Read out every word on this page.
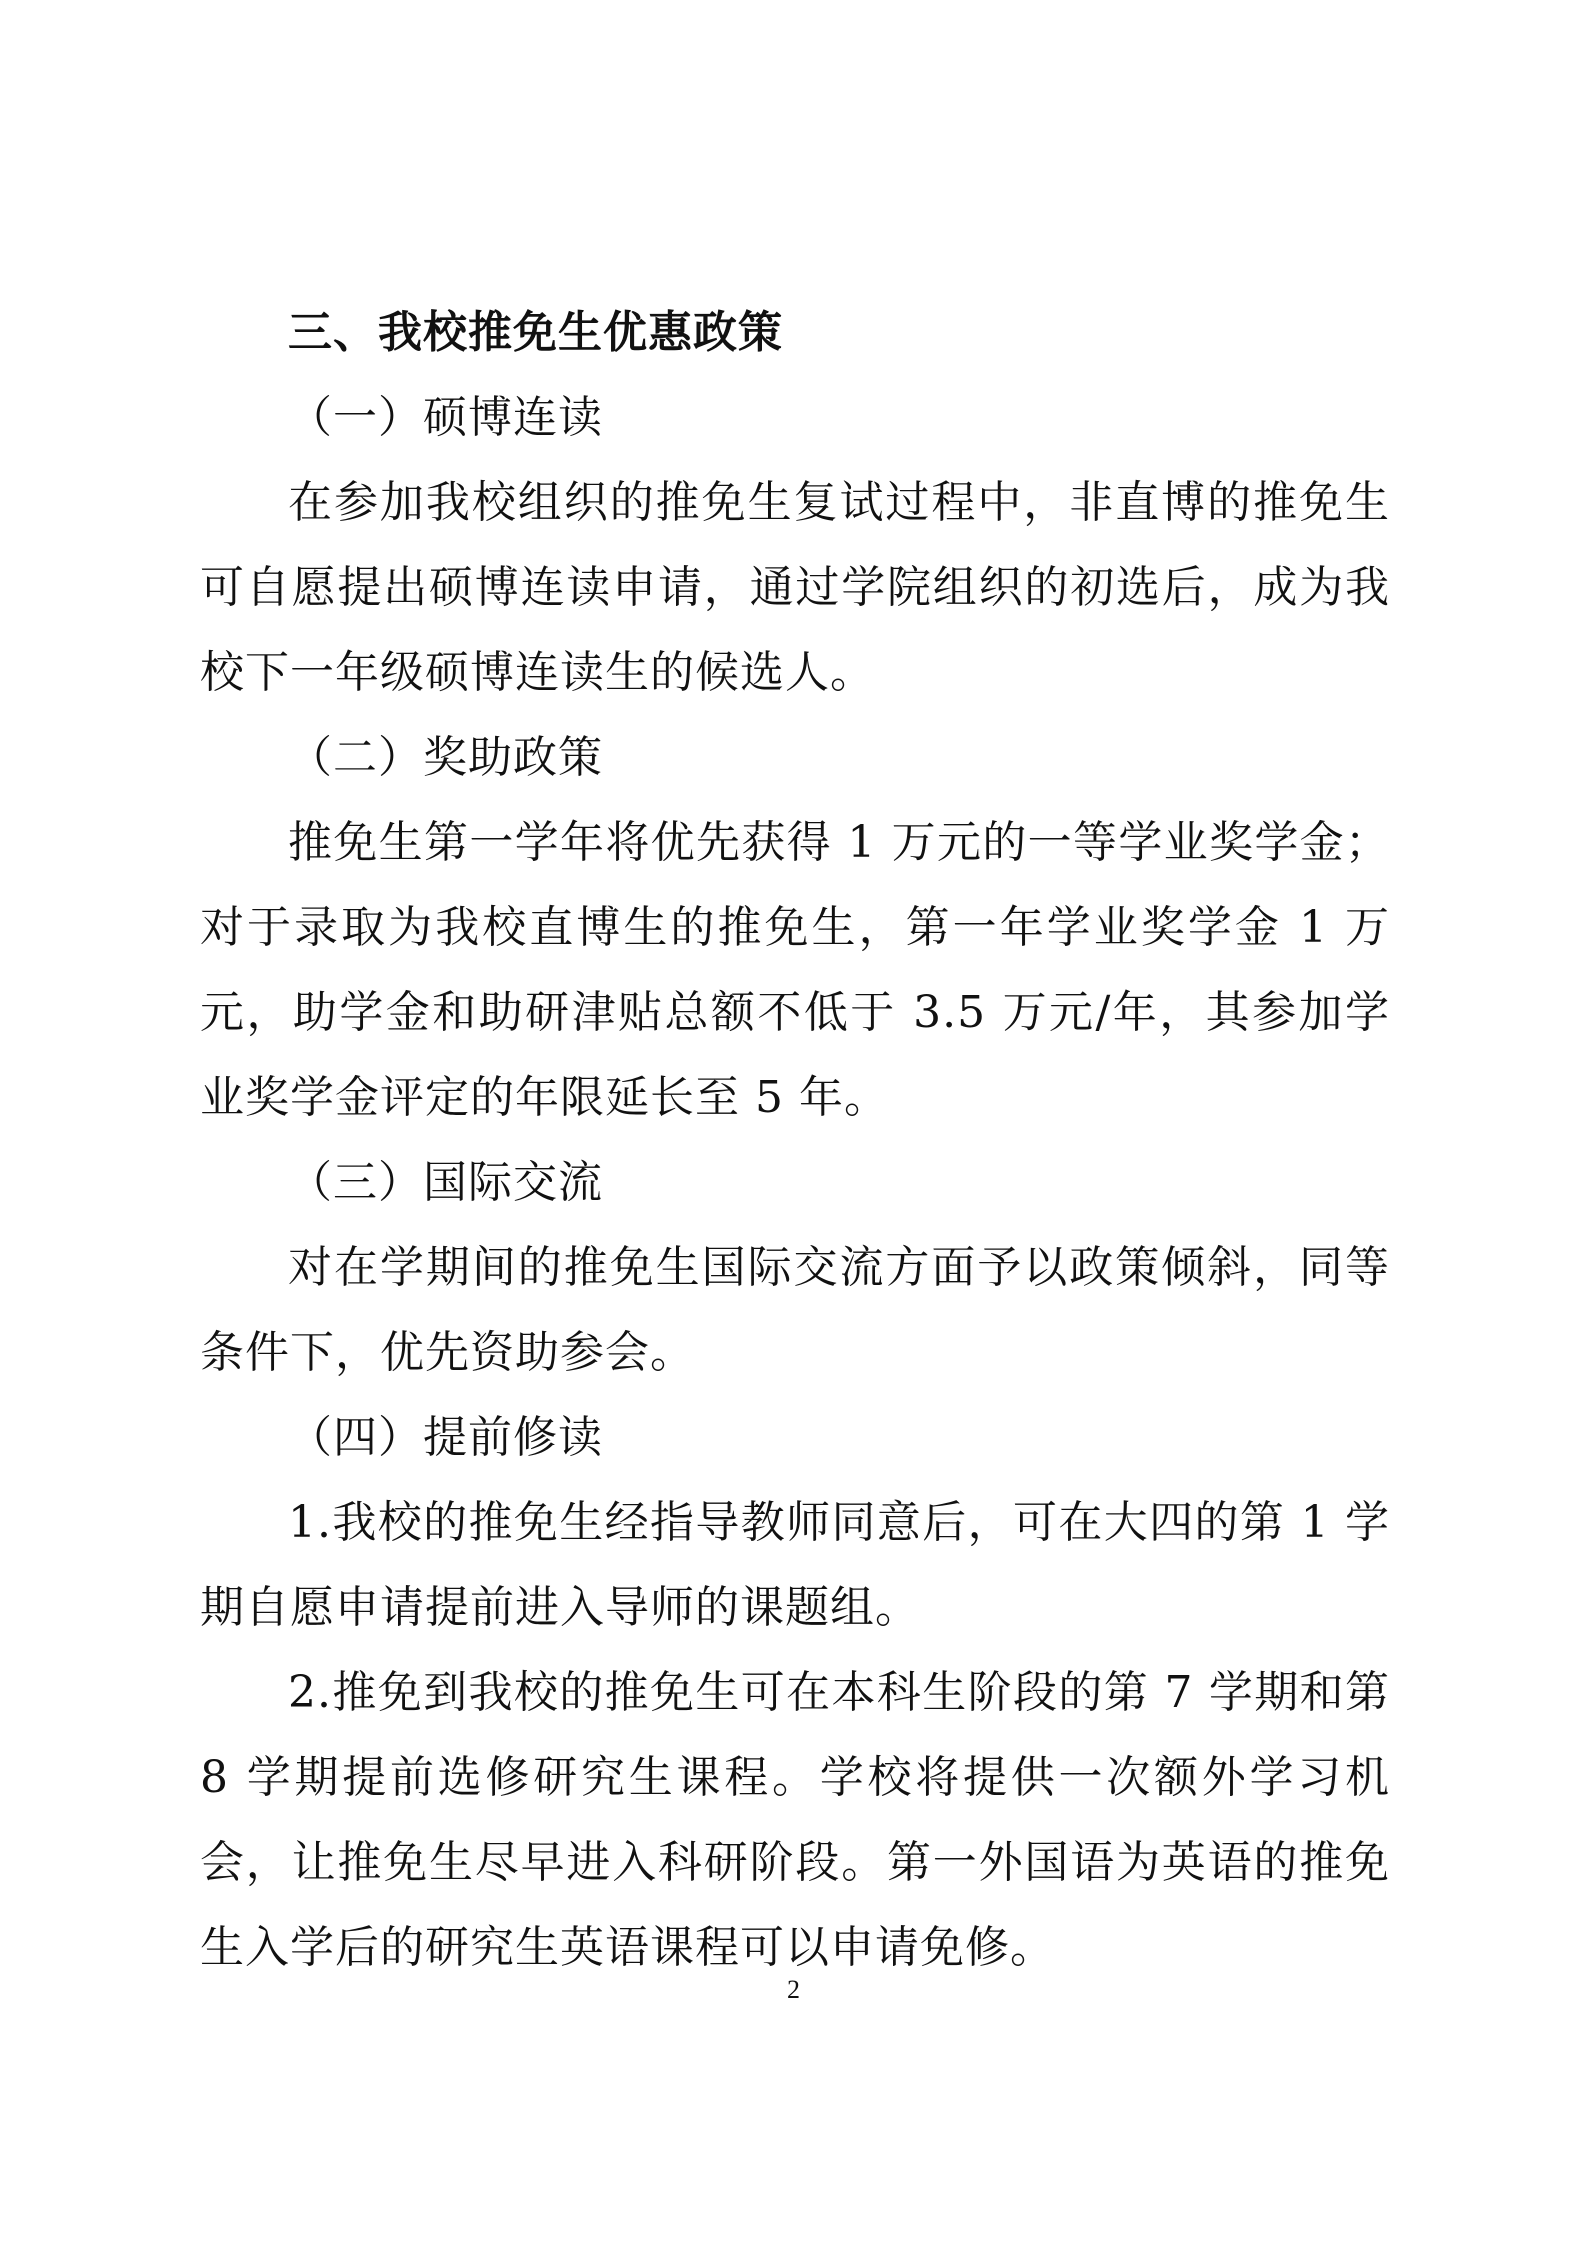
三、我校推免生优惠政策

（一）硕博连读

在参加我校组织的推免生复试过程中，非直博的推免生可自愿提出硕博连读申请，通过学院组织的初选后，成为我校下一年级硕博连读生的候选人。

（二）奖助政策

推免生第一学年将优先获得 1 万元的一等学业奖学金；对于录取为我校直博生的推免生，第一年学业奖学金 1 万元，助学金和助研津贴总额不低于 3.5 万元/年，其参加学业奖学金评定的年限延长至 5 年。

（三）国际交流

对在学期间的推免生国际交流方面予以政策倾斜，同等条件下，优先资助参会。

（四）提前修读

1.我校的推免生经指导教师同意后，可在大四的第 1 学期自愿申请提前进入导师的课题组。

2.推免到我校的推免生可在本科生阶段的第 7 学期和第 8 学期提前选修研究生课程。学校将提供一次额外学习机会，让推免生尽早进入科研阶段。第一外国语为英语的推免生入学后的研究生英语课程可以申请免修。

2
